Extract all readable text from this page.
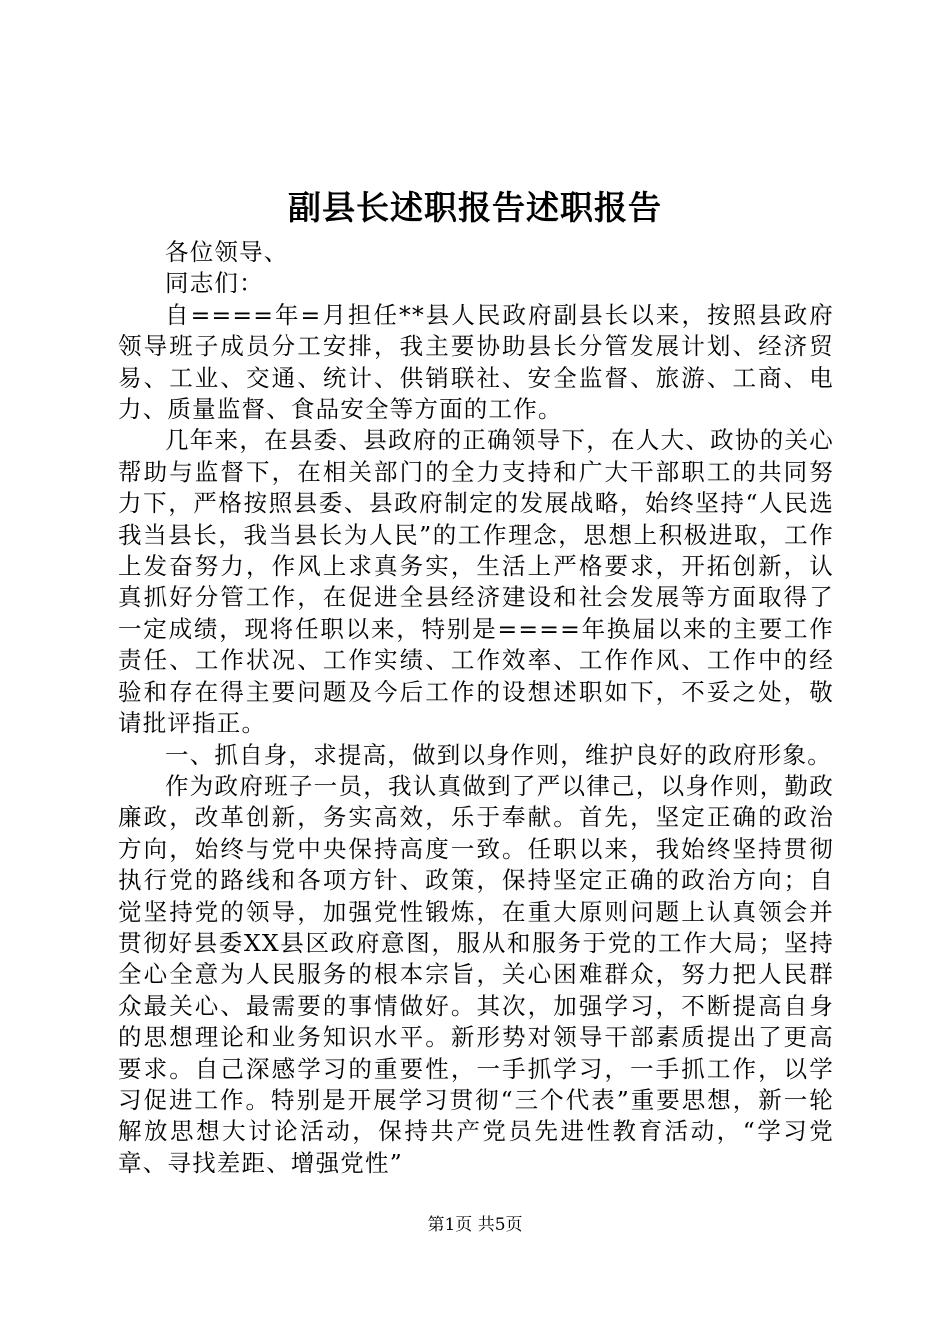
副县长述职报告述职报告

各位领导、

同志们：

自====年=月担任**县人民政府副县长以来，按照县政府领导班子成员分工安排，我主要协助县长分管发展计划、经济贸易、工业、交通、统计、供销联社、安全监督、旅游、工商、电力、质量监督、食品安全等方面的工作。

几年来，在县委、县政府的正确领导下，在人大、政协的关心帮助与监督下，在相关部门的全力支持和广大干部职工的共同努力下，严格按照县委、县政府制定的发展战略，始终坚持“人民选我当县长，我当县长为人民”的工作理念，思想上积极进取，工作上发奋努力，作风上求真务实，生活上严格要求，开拓创新，认真抓好分管工作，在促进全县经济建设和社会发展等方面取得了一定成绩，现将任职以来，特别是====年换届以来的主要工作责任、工作状况、工作实绩、工作效率、工作作风、工作中的经验和存在得主要问题及今后工作的设想述职如下，不妥之处，敬请批评指正。

一、抓自身，求提高，做到以身作则，维护良好的政府形象。

作为政府班子一员，我认真做到了严以律己，以身作则，勤政廉政，改革创新，务实高效，乐于奉献。首先，坚定正确的政治方向，始终与党中央保持高度一致。任职以来，我始终坚持贯彻执行党的路线和各项方针、政策，保持坚定正确的政治方向；自觉坚持党的领导，加强党性锻炼，在重大原则问题上认真领会并贯彻好县委XX县区政府意图，服从和服务于党的工作大局；坚持全心全意为人民服务的根本宗旨，关心困难群众，努力把人民群众最关心、最需要的事情做好。其次，加强学习，不断提高自身的思想理论和业务知识水平。新形势对领导干部素质提出了更高要求。自己深感学习的重要性，一手抓学习，一手抓工作，以学习促进工作。特别是开展学习贯彻“三个代表”重要思想，新一轮解放思想大讨论活动，保持共产党员先进性教育活动，“学习党章、寻找差距、增强党性”

第1页 共5页
